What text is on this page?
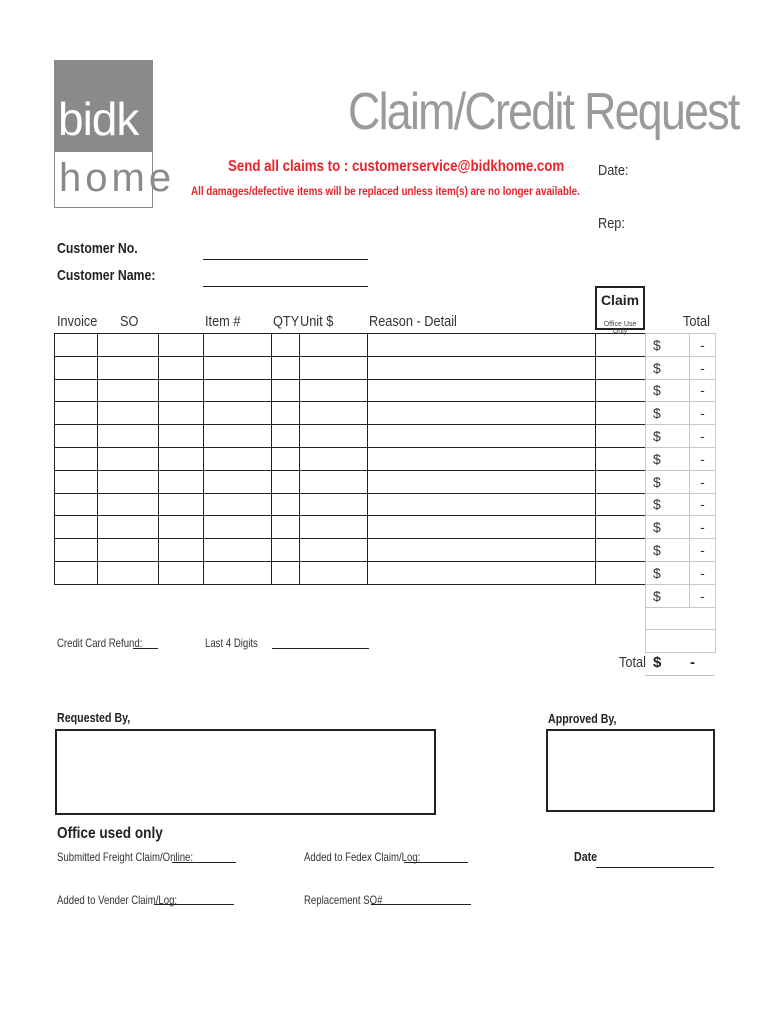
bidk
home
Claim/Credit Request
Send all claims to : customerservice@bidkhome.com
All damages/defective items will be replaced unless item(s) are no longer available.
Date:
Rep:
Customer No.
Customer Name:
Invoice SO	Item # QTY Unit $ Reason - Detail
Claim
Office Use Only
Total

$	-
$	-
$	-
$	-
$	-
$	-
$	-
$	-
$	-
$	-
$	-
$	-

Credit Card Refund:	Last 4 Digits
Total $ -
Requested By,	Approved By,
Office used only
Submitted Freight Claim/Online:	Added to Fedex Claim/Log:	Date
Added to Vender Claim/Log:	Replacement SO#
